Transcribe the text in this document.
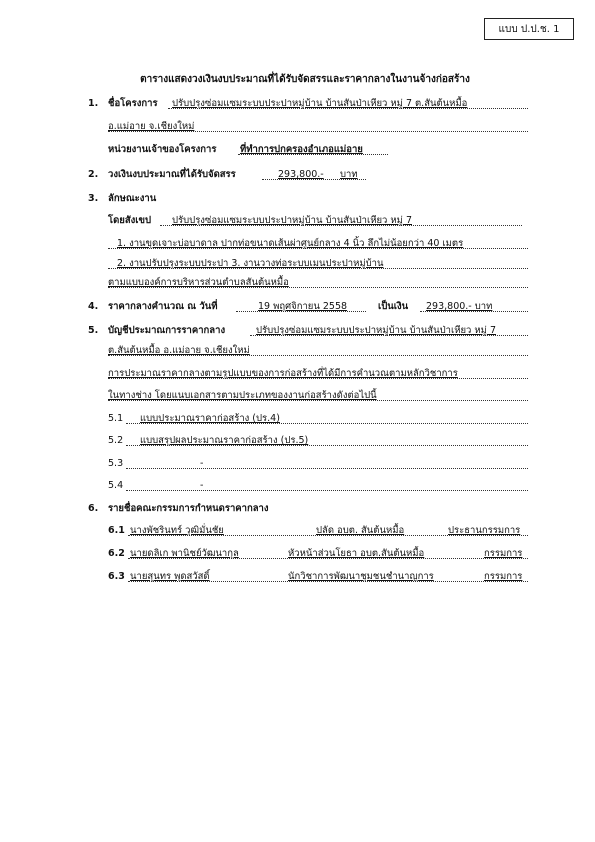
แบบ ป.ป.ช. 1
ตารางแสดงวงเงินงบประมาณที่ได้รับจัดสรรและราคากลางในงานจ้างก่อสร้าง
1. ชื่อโครงการ ปรับปรุงซ่อมแซมระบบประปาหมู่บ้าน บ้านสันป่าเหียว หมู่ 7 ต.สันต้นหมื้อ
อ.แม่อาย จ.เชียงใหม่
หน่วยงานเจ้าของโครงการ ที่ทำการปกครองอำเภอแม่อาย
2. วงเงินงบประมาณที่ได้รับจัดสรร	293,800.- บาท
3. ลักษณะงาน
โดยสังเขป ปรับปรุงซ่อมแซมระบบประปาหมู่บ้าน บ้านสันป่าเหียว หมู่ 7
1. งานขุดเจาะบ่อบาดาล ปากท่อขนาดเส้นผ่าศูนย์กลาง 4 นิ้ว ลึกไม่น้อยกว่า 40 เมตร
2. งานปรับปรุงระบบประปา 3. งานวางท่อระบบเมนประปาหมู่บ้าน
ตามแบบองค์การบริหารส่วนตำบลสันต้นหมื้อ
4. ราคากลางคำนวณ ณ วันที่	19 พฤศจิกายน 2558	เป็นเงิน 293,800.- บาท
5. บัญชีประมาณการราคากลาง	ปรับปรุงซ่อมแซมระบบประปาหมู่บ้าน บ้านสันป่าเหียว หมู่ 7
ต.สันต้นหมื้อ อ.แม่อาย จ.เชียงใหม่
การประมาณราคากลางตามรูปแบบของการก่อสร้างที่ได้มีการคำนวณตามหลักวิชาการ
ในทางช่าง โดยแนบเอกสารตามประเภทของงานก่อสร้างดังต่อไปนี้
5.1 แบบประมาณราคาก่อสร้าง (ปร.4)
5.2 แบบสรุปผลประมาณราคาก่อสร้าง (ปร.5)
5.3	-
5.4	-
6. รายชื่อคณะกรรมการกำหนดราคากลาง
6.1 นางพัชรินทร์ วุฒิมั่นชัย	ปลัด อบต. สันต้นหมื้อ	ประธานกรรมการ
6.2 นายดลิเก พานิชย์วัฒนากุล	หัวหน้าส่วนโยธา อบต.สันต้นหมื้อ	กรรมการ
6.3 นายสุนทร พุดสวัสดิ์	นักวิชาการพัฒนาชุมชนชำนาญการ	กรรมการ
